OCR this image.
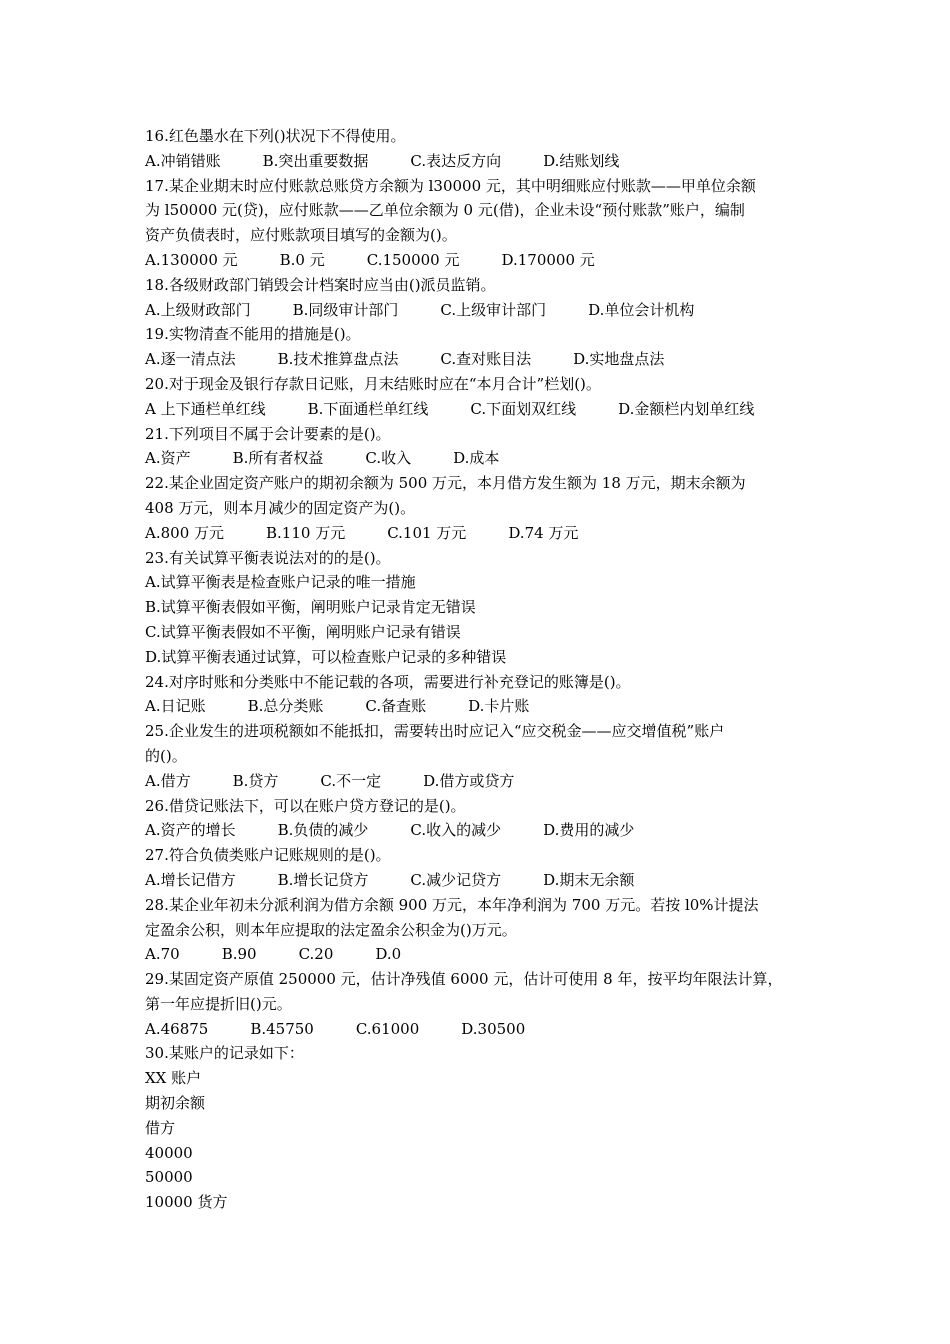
16.红色墨水在下列()状况下不得使用。
A.冲销错账	B.突出重要数据	C.表达反方向	D.结账划线
17.某企业期末时应付账款总账贷方余额为 l30000 元，其中明细账应付账款——甲单位余额
为 l50000 元(贷)，应付账款——乙单位余额为 0 元(借)，企业未设“预付账款”账户，编制
资产负债表时，应付账款项目填写的金额为()。
A.130000 元	B.0 元	C.150000 元	D.170000 元
18.各级财政部门销毁会计档案时应当由()派员监销。
A.上级财政部门	B.同级审计部门	C.上级审计部门	D.单位会计机构
19.实物清查不能用的措施是()。
A.逐一清点法	B.技术推算盘点法	C.查对账目法	D.实地盘点法
20.对于现金及银行存款日记账，月末结账时应在“本月合计”栏划()。
A 上下通栏单红线	B.下面通栏单红线	C.下面划双红线	D.金额栏内划单红线
21.下列项目不属于会计要素的是()。
A.资产	B.所有者权益	C.收入	D.成本
22.某企业固定资产账户的期初余额为 500 万元，本月借方发生额为 18 万元，期末余额为
408 万元，则本月减少的固定资产为()。
A.800 万元	B.110 万元	C.101 万元	D.74 万元
23.有关试算平衡表说法对的的是()。
A.试算平衡表是检查账户记录的唯一措施
B.试算平衡表假如平衡，阐明账户记录肯定无错误
C.试算平衡表假如不平衡，阐明账户记录有错误
D.试算平衡表通过试算，可以检查账户记录的多种错误
24.对序时账和分类账中不能记载的各项，需要进行补充登记的账簿是()。
A.日记账	B.总分类账	C.备查账	D.卡片账
25.企业发生的进项税额如不能抵扣，需要转出时应记入“应交税金——应交增值税”账户
的()。
A.借方	B.贷方	C.不一定	D.借方或贷方
26.借贷记账法下，可以在账户贷方登记的是()。
A.资产的增长	B.负债的减少	C.收入的减少	D.费用的减少
27.符合负债类账户记账规则的是()。
A.增长记借方	B.增长记贷方	C.减少记贷方	D.期末无余额
28.某企业年初未分派利润为借方余额 900 万元，本年净利润为 700 万元。若按 l0%计提法
定盈余公积，则本年应提取的法定盈余公积金为()万元。
A.70	B.90	C.20	D.0
29.某固定资产原值 250000 元，估计净残值 6000 元，估计可使用 8 年，按平均年限法计算，
第一年应提折旧()元。
A.46875	B.45750	C.61000	D.30500
30.某账户的记录如下：
XX 账户
期初余额
借方
40000
50000
10000 货方
